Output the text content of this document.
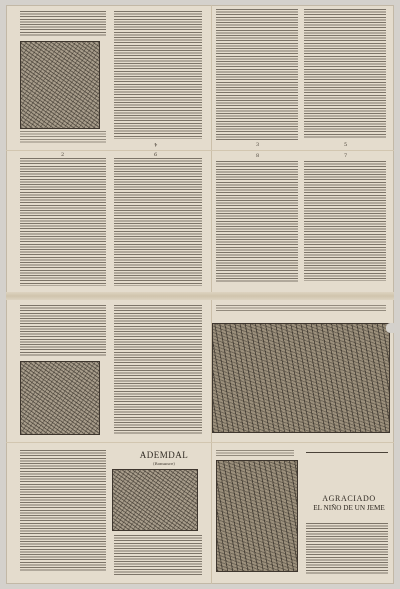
4	3	5
2	6	8	7
ADEMDAL
(Romance)
AGRACIADO
EL NIÑO DE UN JEME
